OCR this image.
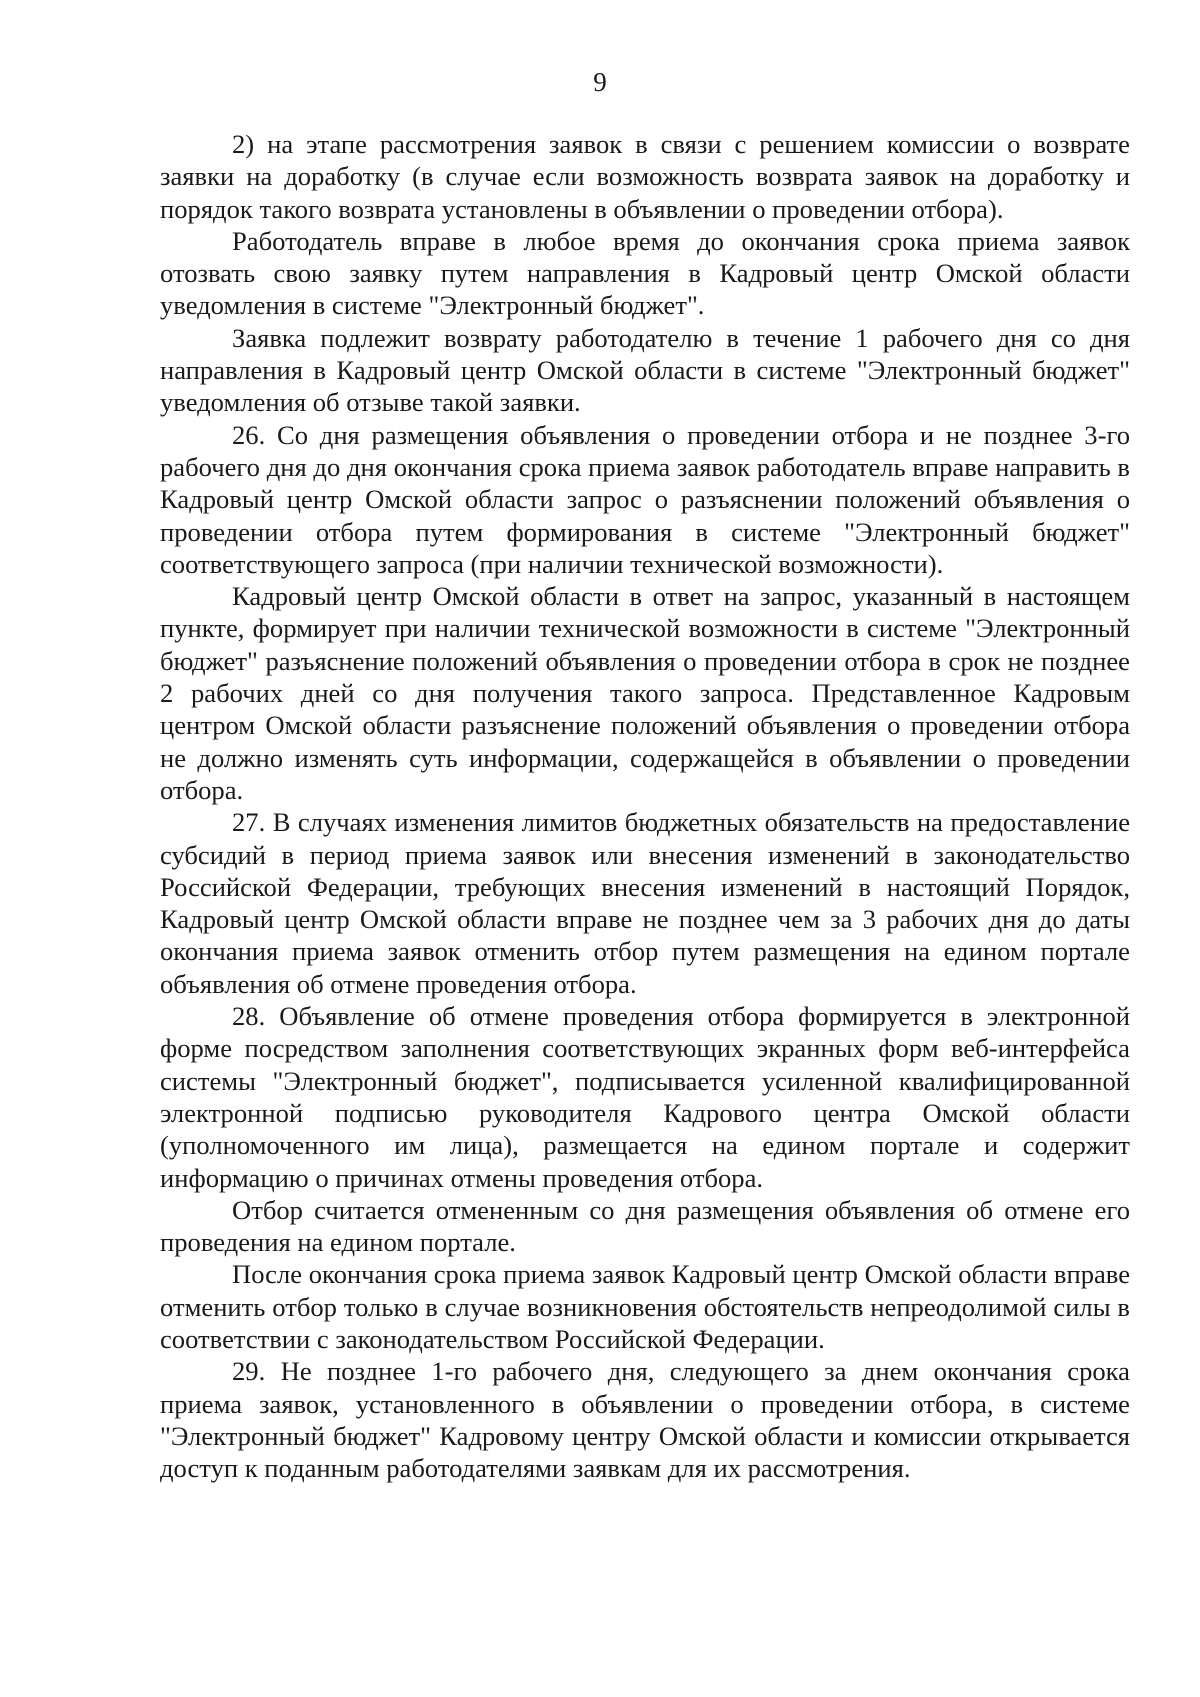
9

2) на этапе рассмотрения заявок в связи с решением комиссии о возврате заявки на доработку (в случае если возможность возврата заявок на доработку и порядок такого возврата установлены в объявлении о проведении отбора).

Работодатель вправе в любое время до окончания срока приема заявок отозвать свою заявку путем направления в Кадровый центр Омской области уведомления в системе "Электронный бюджет".

Заявка подлежит возврату работодателю в течение 1 рабочего дня со дня направления в Кадровый центр Омской области в системе "Электронный бюджет" уведомления об отзыве такой заявки.

26. Со дня размещения объявления о проведении отбора и не позднее 3-го рабочего дня до дня окончания срока приема заявок работодатель вправе направить в Кадровый центр Омской области запрос о разъяснении положений объявления о проведении отбора путем формирования в системе "Электронный бюджет" соответствующего запроса (при наличии технической возможности).

Кадровый центр Омской области в ответ на запрос, указанный в настоящем пункте, формирует при наличии технической возможности в системе "Электронный бюджет" разъяснение положений объявления о проведении отбора в срок не позднее 2 рабочих дней со дня получения такого запроса. Представленное Кадровым центром Омской области разъяснение положений объявления о проведении отбора не должно изменять суть информации, содержащейся в объявлении о проведении отбора.

27. В случаях изменения лимитов бюджетных обязательств на предоставление субсидий в период приема заявок или внесения изменений в законодательство Российской Федерации, требующих внесения изменений в настоящий Порядок, Кадровый центр Омской области вправе не позднее чем за 3 рабочих дня до даты окончания приема заявок отменить отбор путем размещения на едином портале объявления об отмене проведения отбора.

28. Объявление об отмене проведения отбора формируется в электронной форме посредством заполнения соответствующих экранных форм веб-интерфейса системы "Электронный бюджет", подписывается усиленной квалифицированной электронной подписью руководителя Кадрового центра Омской области (уполномоченного им лица), размещается на едином портале и содержит информацию о причинах отмены проведения отбора.

Отбор считается отмененным со дня размещения объявления об отмене его проведения на едином портале.

После окончания срока приема заявок Кадровый центр Омской области вправе отменить отбор только в случае возникновения обстоятельств непреодолимой силы в соответствии с законодательством Российской Федерации.

29. Не позднее 1-го рабочего дня, следующего за днем окончания срока приема заявок, установленного в объявлении о проведении отбора, в системе "Электронный бюджет" Кадровому центру Омской области и комиссии открывается доступ к поданным работодателями заявкам для их рассмотрения.
